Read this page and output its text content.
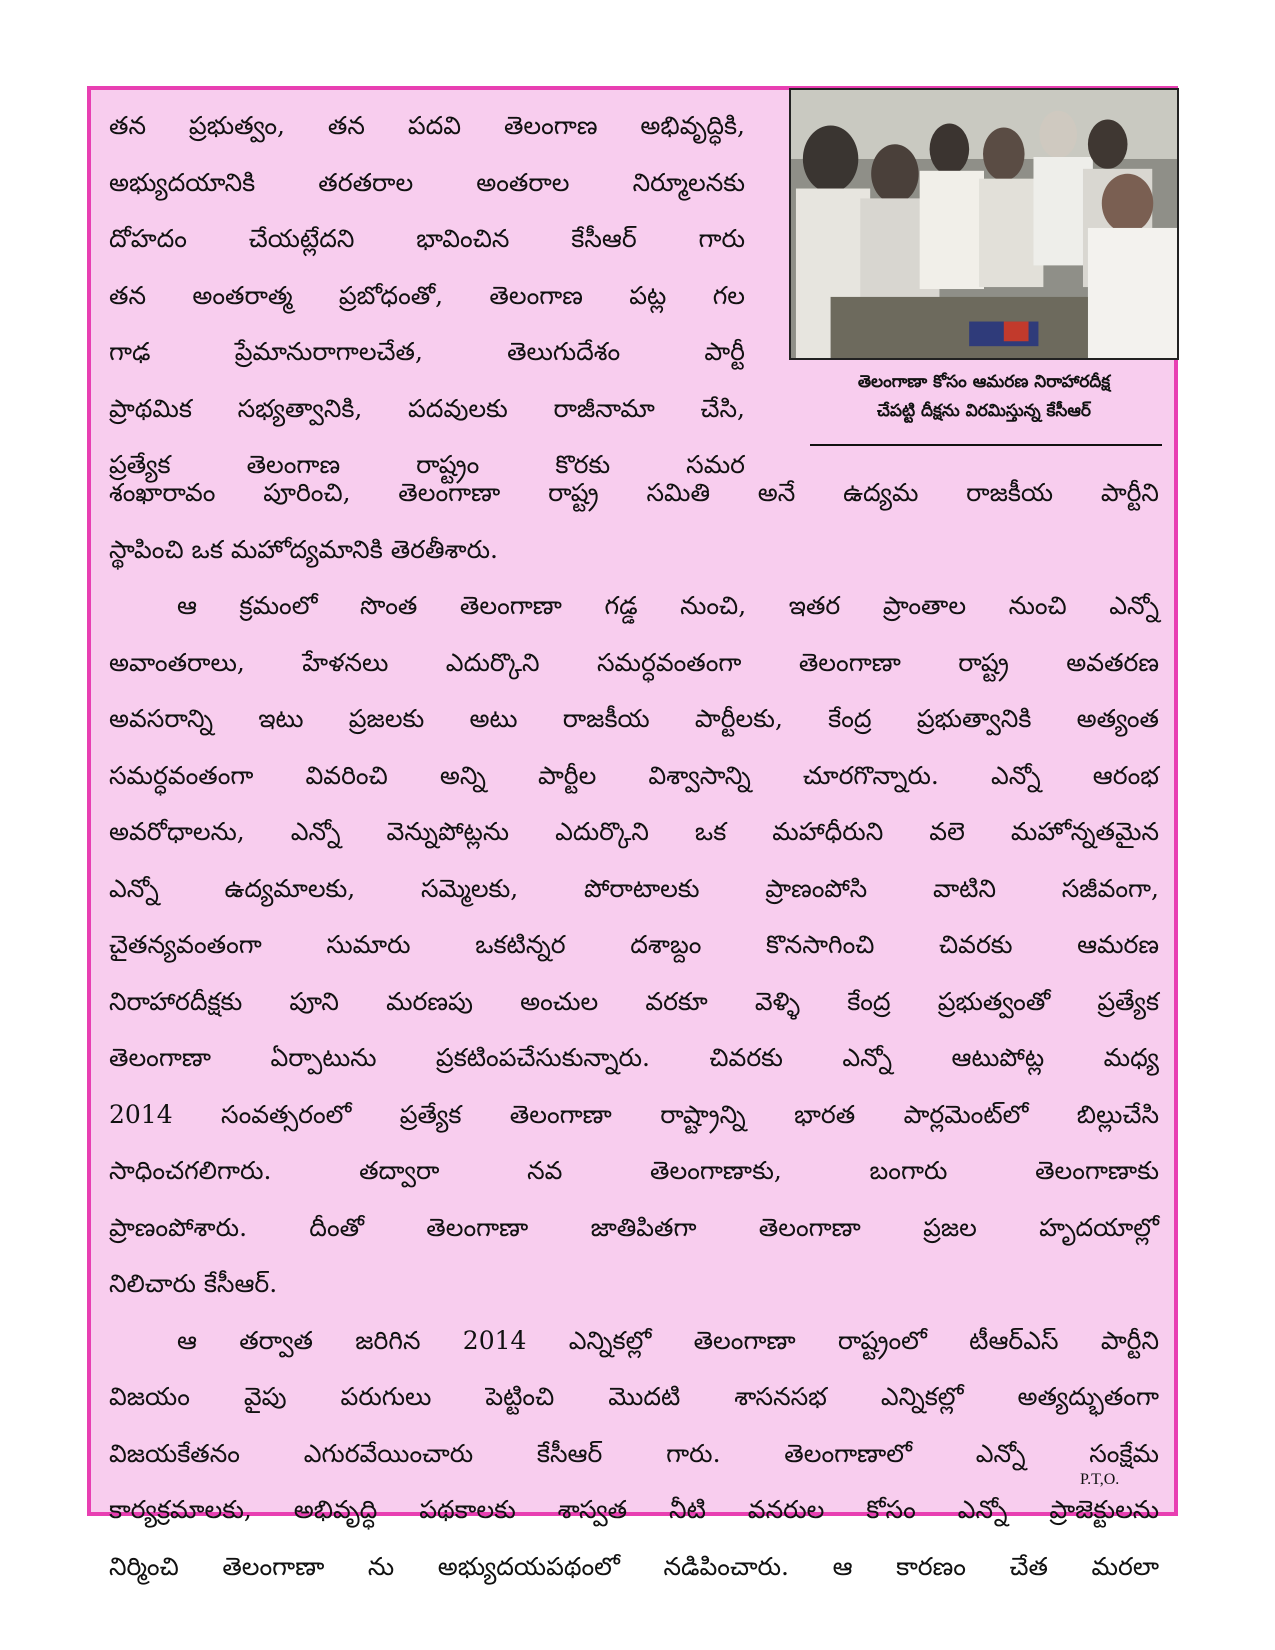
తెలంగాణా కోసం ఆమరణ నిరాహారదీక్ష
చేపట్టి దీక్షను విరమిస్తున్న కేసీఆర్
తన ప్రభుత్వం, తన పదవి తెలంగాణ అభివృద్ధికి,
అభ్యుదయానికి తరతరాల అంతరాల నిర్మూలనకు
దోహదం చేయట్లేదని భావించిన కేసీఆర్ గారు
తన అంతరాత్మ ప్రబోధంతో, తెలంగాణ పట్ల గల
గాఢ ప్రేమానురాగాలచేత, తెలుగుదేశం పార్టీ
ప్రాథమిక సభ్యత్వానికి, పదవులకు రాజీనామా చేసి,
ప్రత్యేక తెలంగాణ రాష్ట్రం కొరకు సమర
శంఖారావం పూరించి, తెలంగాణా రాష్ట్ర సమితి అనే ఉద్యమ రాజకీయ పార్టీని
స్థాపించి ఒక మహోద్యమానికి తెరతీశారు.
ఆ క్రమంలో సొంత తెలంగాణా గడ్డ నుంచి, ఇతర ప్రాంతాల నుంచి ఎన్నో
అవాంతరాలు, హేళనలు ఎదుర్కొని సమర్ధవంతంగా తెలంగాణా రాష్ట్ర అవతరణ
అవసరాన్ని ఇటు ప్రజలకు అటు రాజకీయ పార్టీలకు, కేంద్ర ప్రభుత్వానికి అత్యంత
సమర్ధవంతంగా వివరించి అన్ని పార్టీల విశ్వాసాన్ని చూరగొన్నారు. ఎన్నో ఆరంభ
అవరోధాలను, ఎన్నో వెన్నుపోట్లను ఎదుర్కొని ఒక మహాధీరుని వలె మహోన్నతమైన
ఎన్నో ఉద్యమాలకు, సమ్మెలకు, పోరాటాలకు ప్రాణంపోసి వాటిని సజీవంగా,
చైతన్యవంతంగా సుమారు ఒకటిన్నర దశాబ్దం కొనసాగించి చివరకు ఆమరణ
నిరాహారదీక్షకు పూని మరణపు అంచుల వరకూ వెళ్ళి కేంద్ర ప్రభుత్వంతో ప్రత్యేక
తెలంగాణా ఏర్పాటును ప్రకటింపచేసుకున్నారు. చివరకు ఎన్నో ఆటుపోట్ల మధ్య
2014 సంవత్సరంలో ప్రత్యేక తెలంగాణా రాష్ట్రాన్ని భారత పార్లమెంట్‌లో బిల్లుచేసి
సాధించగలిగారు. తద్వారా నవ తెలంగాణాకు, బంగారు తెలంగాణాకు
ప్రాణంపోశారు. దీంతో తెలంగాణా జాతిపితగా తెలంగాణా ప్రజల హృదయాల్లో
నిలిచారు కేసీఆర్.
ఆ తర్వాత జరిగిన 2014 ఎన్నికల్లో తెలంగాణా రాష్ట్రంలో టీఆర్ఎస్ పార్టీని
విజయం వైపు పరుగులు పెట్టించి మొదటి శాసనసభ ఎన్నికల్లో అత్యద్భుతంగా
విజయకేతనం ఎగురవేయించారు కేసీఆర్ గారు. తెలంగాణాలో ఎన్నో సంక్షేమ
కార్యక్రమాలకు, అభివృద్ధి పథకాలకు శాస్వత నీటి వనరుల కోసం ఎన్నో ప్రాజెక్టులను
నిర్మించి తెలంగాణా ను అభ్యుదయపథంలో నడిపించారు. ఆ కారణం చేత మరలా
P.T,O.
